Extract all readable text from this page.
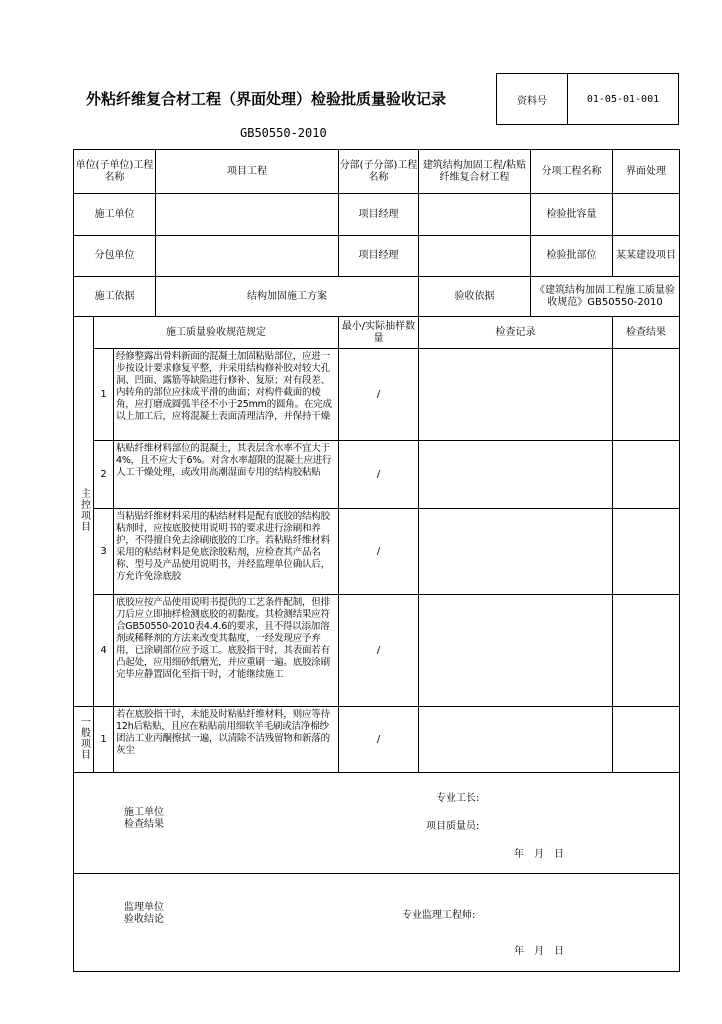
外粘纤维复合材工程（界面处理）检验批质量验收记录
GB50550-2010
资料号	01-05-01-001
单位(子单位)工程名称			项目工程	分部(子分部)工程名称	建筑结构加固工程/粘贴纤维复合材工程	分项工程名称	界面处理
施工单位				项目经理		检验批容量	
分包单位				项目经理		检验批部位	某某建设项目
施工依据			结构加固施工方案		验收依据	《建筑结构加固工程施工质量验收规范》GB50550-2010	
主控项目	施工质量验收规范规定			最小/实际抽样数量	检查记录		检查结果
	1	经修整露出骨料新面的混凝土加固粘贴部位，应进一步按设计要求修复平整，并采用结构修补胶对较大孔洞、凹面、露筋等缺陷进行修补、复原；对有段差、内转角的部位应抹成平滑的曲面；对构件截面的棱角，应打磨成圆弧半径不小于25mm的圆角。在完成以上加工后，应将混凝土表面清理洁净，并保持干燥		/			
	2	粘贴纤维材料部位的混凝土，其表层含水率不宜大于4%，且不应大于6%。对含水率超限的混凝土应进行人工干燥处理，或改用高潮湿面专用的结构胶粘贴		/			
	3	当粘贴纤维材料采用的粘结材料是配有底胶的结构胶粘剂时，应按底胶使用说明书的要求进行涂刷和养护，不得擅自免去涂刷底胶的工序。若粘贴纤维材料采用的粘结材料是免底涂胶粘剂，应检查其产品名称、型号及产品使用说明书，并经监理单位确认后，方允许免涂底胶		/			
	4	底胶应按产品使用说明书提供的工艺条件配制，但排刀后应立即抽样检测底胶的初黏度。其检测结果应符合GB50550-2010表4.4.6的要求，且不得以添加溶剂或稀释剂的方法来改变其黏度，一经发现应予弃用，已涂刷部位应予返工。底胶指干时，其表面若有凸起处，应用细砂纸磨光，并应重刷一遍。底胶涂刷完毕应静置固化至指干时，才能继续施工		/			
一般项目	1	若在底胶指干时，未能及时粘贴纤维材料，则应等待12h后粘贴，且应在粘贴前用细软羊毛刷或洁净棉纱团沾工业丙酮擦拭一遍，以清除不洁残留物和新落的灰尘		/			

施工单位检查结果
专业工长:
项目质量员:
年　月　日							

监理单位验收结论 专业监理工程师:
年　月　日							
